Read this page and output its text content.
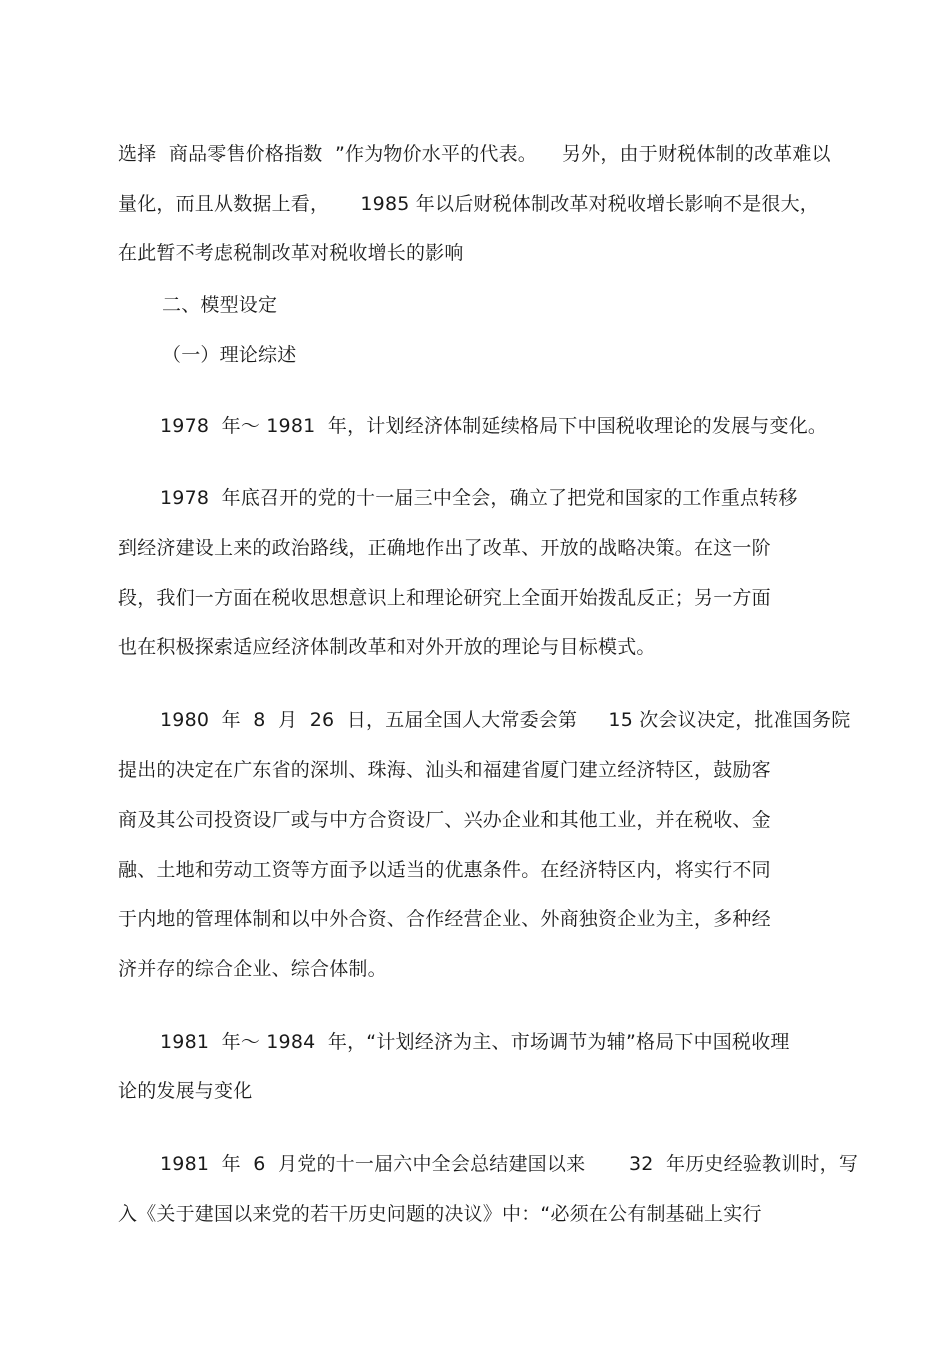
选择  商品零售价格指数  ”作为物价水平的代表。    另外，由于财税体制的改革难以
量化，而且从数据上看，     1985 年以后财税体制改革对税收增长影响不是很大，
在此暂不考虑税制改革对税收增长的影响
二、模型设定
（一）理论综述
1978  年～ 1981  年，计划经济体制延续格局下中国税收理论的发展与变化。
1978  年底召开的党的十一届三中全会，确立了把党和国家的工作重点转移
到经济建设上来的政治路线，正确地作出了改革、开放的战略决策。在这一阶
段，我们一方面在税收思想意识上和理论研究上全面开始拨乱反正；另一方面
也在积极探索适应经济体制改革和对外开放的理论与目标模式。
1980  年  8  月  26  日，五届全国人大常委会第     15 次会议决定，批准国务院
提出的决定在广东省的深圳、珠海、汕头和福建省厦门建立经济特区，鼓励客
商及其公司投资设厂或与中方合资设厂、兴办企业和其他工业，并在税收、金
融、土地和劳动工资等方面予以适当的优惠条件。在经济特区内，将实行不同
于内地的管理体制和以中外合资、合作经营企业、外商独资企业为主，多种经
济并存的综合企业、综合体制。
1981  年～ 1984  年，“计划经济为主、市场调节为辅”格局下中国税收理
论的发展与变化
1981  年  6  月党的十一届六中全会总结建国以来       32  年历史经验教训时，写
入《关于建国以来党的若干历史问题的决议》中：“必须在公有制基础上实行
